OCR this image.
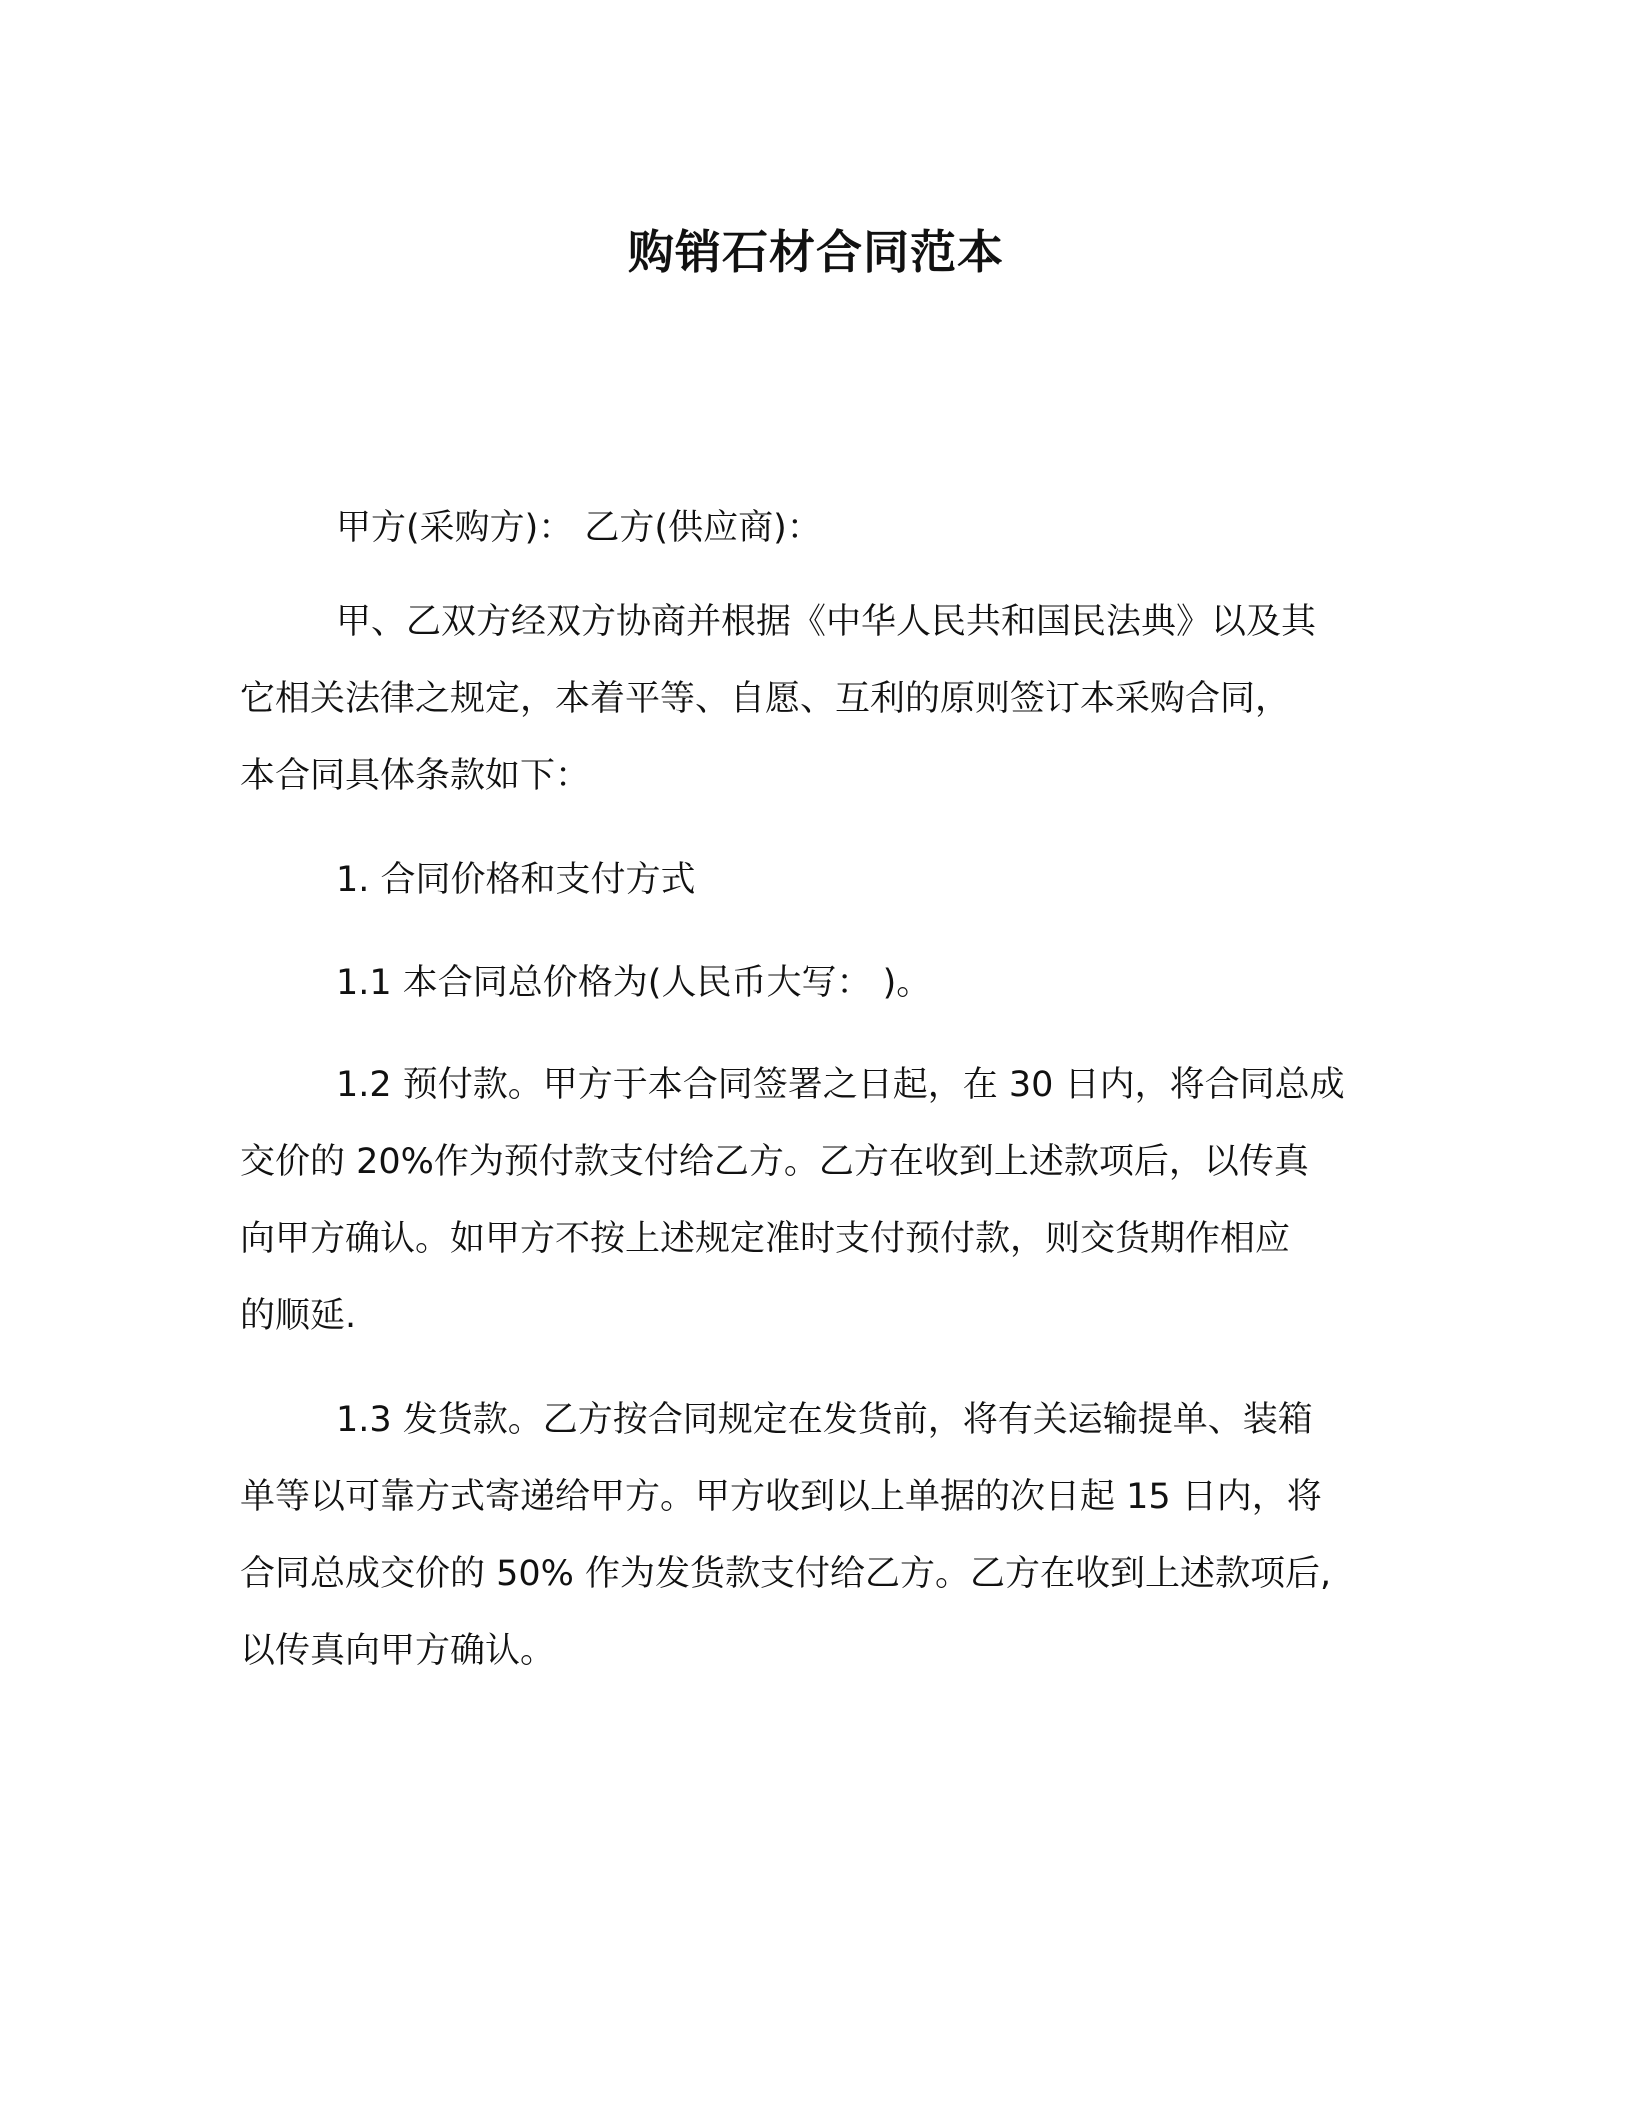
购销石材合同范本
甲方(采购方)： 乙方(供应商)：
甲、乙双方经双方协商并根据《中华人民共和国民法典》以及其
它相关法律之规定，本着平等、自愿、互利的原则签订本采购合同，
本合同具体条款如下：
1. 合同价格和支付方式
1.1 本合同总价格为(人民币大写： )。
1.2 预付款。甲方于本合同签署之日起，在 30 日内，将合同总成
交价的 20%作为预付款支付给乙方。乙方在收到上述款项后，以传真
向甲方确认。如甲方不按上述规定准时支付预付款，则交货期作相应
的顺延.
1.3 发货款。乙方按合同规定在发货前，将有关运输提单、装箱
单等以可靠方式寄递给甲方。甲方收到以上单据的次日起 15 日内，将
合同总成交价的 50% 作为发货款支付给乙方。乙方在收到上述款项后,
以传真向甲方确认。
